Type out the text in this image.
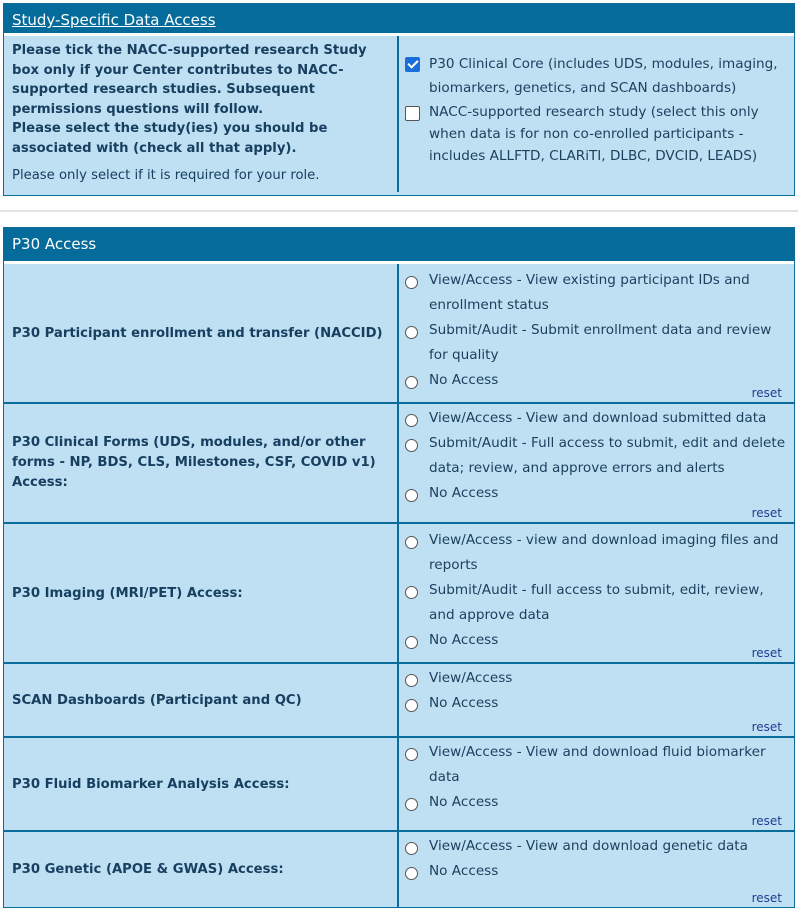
Study-Specific Data Access
Please tick the NACC-supported research Study box only if your Center contributes to NACC-supported research studies. Subsequent permissions questions will follow.
Please select the study(ies) you should be associated with (check all that apply).
Please only select if it is required for your role.
P30 Clinical Core (includes UDS, modules, imaging, biomarkers, genetics, and SCAN dashboards)
NACC-supported research study (select this only when data is for non co-enrolled participants - includes ALLFTD, CLARiTI, DLBC, DVCID, LEADS)
P30 Access
P30 Participant enrollment and transfer (NACCID)
View/Access - View existing participant IDs and enrollment status
Submit/Audit - Submit enrollment data and review for quality
No Access
reset
P30 Clinical Forms (UDS, modules, and/or other forms - NP, BDS, CLS, Milestones, CSF, COVID v1) Access:
View/Access - View and download submitted data
Submit/Audit - Full access to submit, edit and delete data; review, and approve errors and alerts
No Access
reset
P30 Imaging (MRI/PET) Access:
View/Access - view and download imaging files and reports
Submit/Audit - full access to submit, edit, review, and approve data
No Access
reset
SCAN Dashboards (Participant and QC)
View/Access
No Access
reset
P30 Fluid Biomarker Analysis Access:
View/Access - View and download fluid biomarker data
No Access
reset
P30 Genetic (APOE & GWAS) Access:
View/Access - View and download genetic data
No Access
reset
